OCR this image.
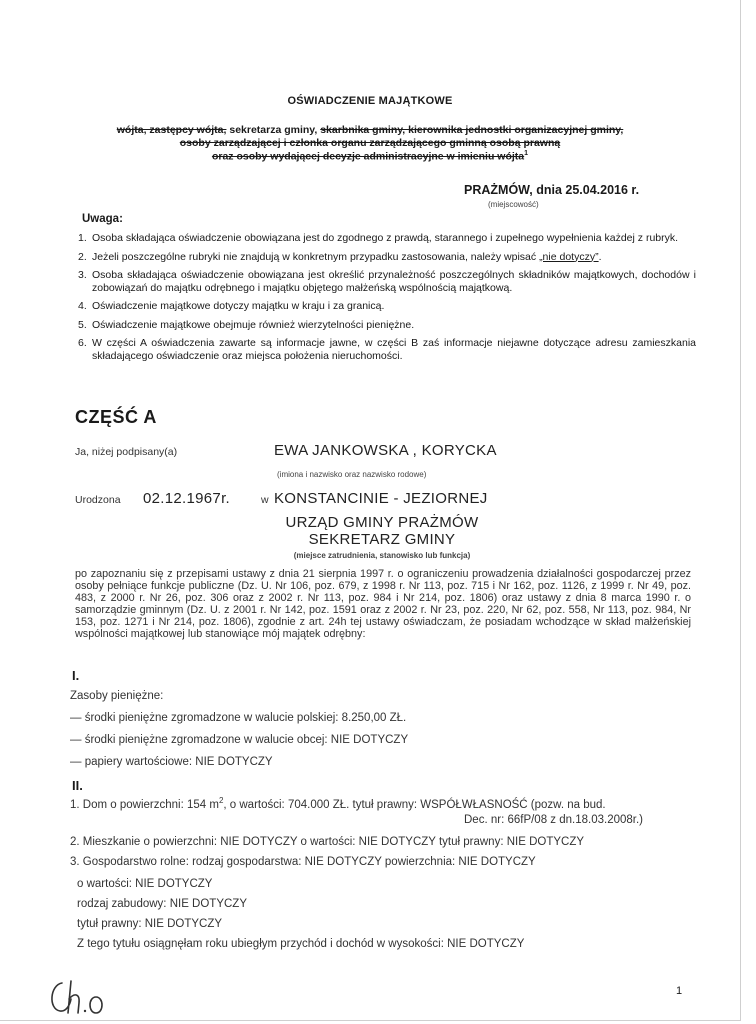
OŚWIADCZENIE MAJĄTKOWE
wójta, zastępcy wójta, sekretarza gminy, skarbnika gminy, kierownika jednostki organizacyjnej gminy,
osoby zarządzającej i członka organu zarządzającego gminną osobą prawną
oraz osoby wydającej decyzje administracyjne w imieniu wójta$^1$
PRAŻMÓW, dnia 25.04.2016 r.
(miejscowość)
Uwaga:
1. Osoba składająca oświadczenie obowiązana jest do zgodnego z prawdą, starannego i zupełnego wypełnienia każdej z rubryk.
2. Jeżeli poszczególne rubryki nie znajdują w konkretnym przypadku zastosowania, należy wpisać „nie dotyczy”.
3. Osoba składająca oświadczenie obowiązana jest określić przynależność poszczególnych składników majątkowych, dochodów i zobowiązań do majątku odrębnego i majątku objętego małżeńską wspólnością majątkową.
4. Oświadczenie majątkowe dotyczy majątku w kraju i za granicą.
5. Oświadczenie majątkowe obejmuje również wierzytelności pieniężne.
6. W części A oświadczenia zawarte są informacje jawne, w części B zaś informacje niejawne dotyczące adresu zamieszkania składającego oświadczenie oraz miejsca położenia nieruchomości.
CZĘŚĆ A
Ja, niżej podpisany(a)	EWA JANKOWSKA , KORYCKA
(imiona i nazwisko oraz nazwisko rodowe)
Urodzona 02.12.1967r.	w KONSTANCINIE - JEZIORNEJ
URZĄD GMINY PRAŻMÓW
SEKRETARZ GMINY
(miejsce zatrudnienia, stanowisko lub funkcja)
po zapoznaniu się z przepisami ustawy z dnia 21 sierpnia 1997 r. o ograniczeniu prowadzenia działalności gospodarczej przez osoby pełniące funkcje publiczne (Dz. U. Nr 106, poz. 679, z 1998 r. Nr 113, poz. 715 i Nr 162, poz. 1126, z 1999 r. Nr 49, poz. 483, z 2000 r. Nr 26, poz. 306 oraz z 2002 r. Nr 113, poz. 984 i Nr 214, poz. 1806) oraz ustawy z dnia 8 marca 1990 r. o samorządzie gminnym (Dz. U. z 2001 r. Nr 142, poz. 1591 oraz z 2002 r. Nr 23, poz. 220, Nr 62, poz. 558, Nr 113, poz. 984, Nr 153, poz. 1271 i Nr 214, poz. 1806), zgodnie z art. 24h tej ustawy oświadczam, że posiadam wchodzące w skład małżeńskiej wspólności majątkowej lub stanowiące mój majątek odrębny:
I.
Zasoby pieniężne:
— środki pieniężne zgromadzone w walucie polskiej: 8.250,00 ZŁ.
— środki pieniężne zgromadzone w walucie obcej: NIE DOTYCZY
— papiery wartościowe: NIE DOTYCZY
II.
1. Dom o powierzchni: 154 $m^2$, o wartości: 704.000 ZŁ. tytuł prawny: WSPÓŁWŁASNOŚĆ (pozw. na bud.
Dec. nr: 66fP/08 z dn.18.03.2008r.)
2. Mieszkanie o powierzchni: NIE DOTYCZY o wartości: NIE DOTYCZY tytuł prawny: NIE DOTYCZY
3. Gospodarstwo rolne: rodzaj gospodarstwa: NIE DOTYCZY powierzchnia: NIE DOTYCZY
o wartości: NIE DOTYCZY
rodzaj zabudowy: NIE DOTYCZY
tytuł prawny: NIE DOTYCZY
Z tego tytułu osiągnęłam roku ubiegłym przychód i dochód w wysokości: NIE DOTYCZY
1
